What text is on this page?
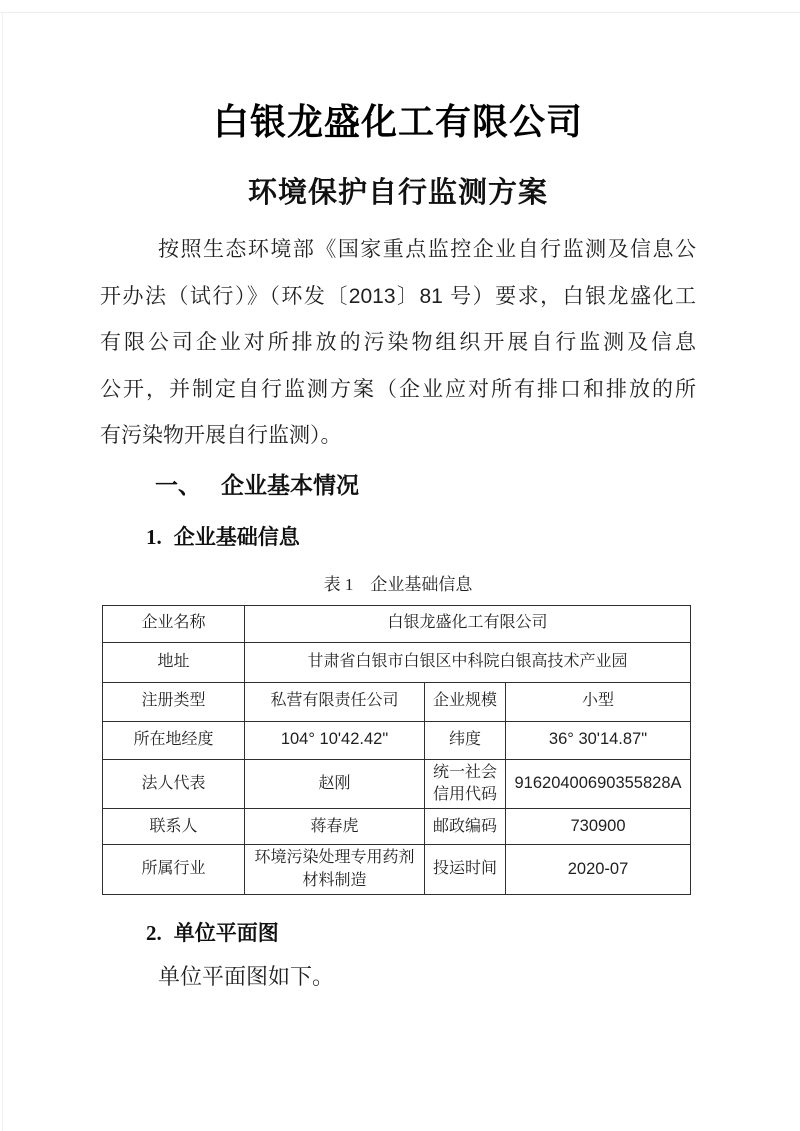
白银龙盛化工有限公司
环境保护自行监测方案
按照生态环境部《国家重点监控企业自行监测及信息公
开办法（试行）》（环发〔2013〕81 号）要求，白银龙盛化工
有限公司企业对所排放的污染物组织开展自行监测及信息
公开，并制定自行监测方案（企业应对所有排口和排放的所
有污染物开展自行监测）。
一、 企业基本情况
1. 企业基础信息
表 1　企业基础信息
企业名称	白银龙盛化工有限公司		
地址	甘肃省白银市白银区中科院白银高技术产业园		
注册类型	私营有限责任公司	企业规模	小型
所在地经度	104° 10'42.42"	纬度	36° 30'14.87"
法人代表	赵刚	统一社会信用代码	91620400690355828A
联系人	蒋春虎	邮政编码	730900
所属行业	环境污染处理专用药剂材料制造	投运时间	2020-07
2. 单位平面图
单位平面图如下。
